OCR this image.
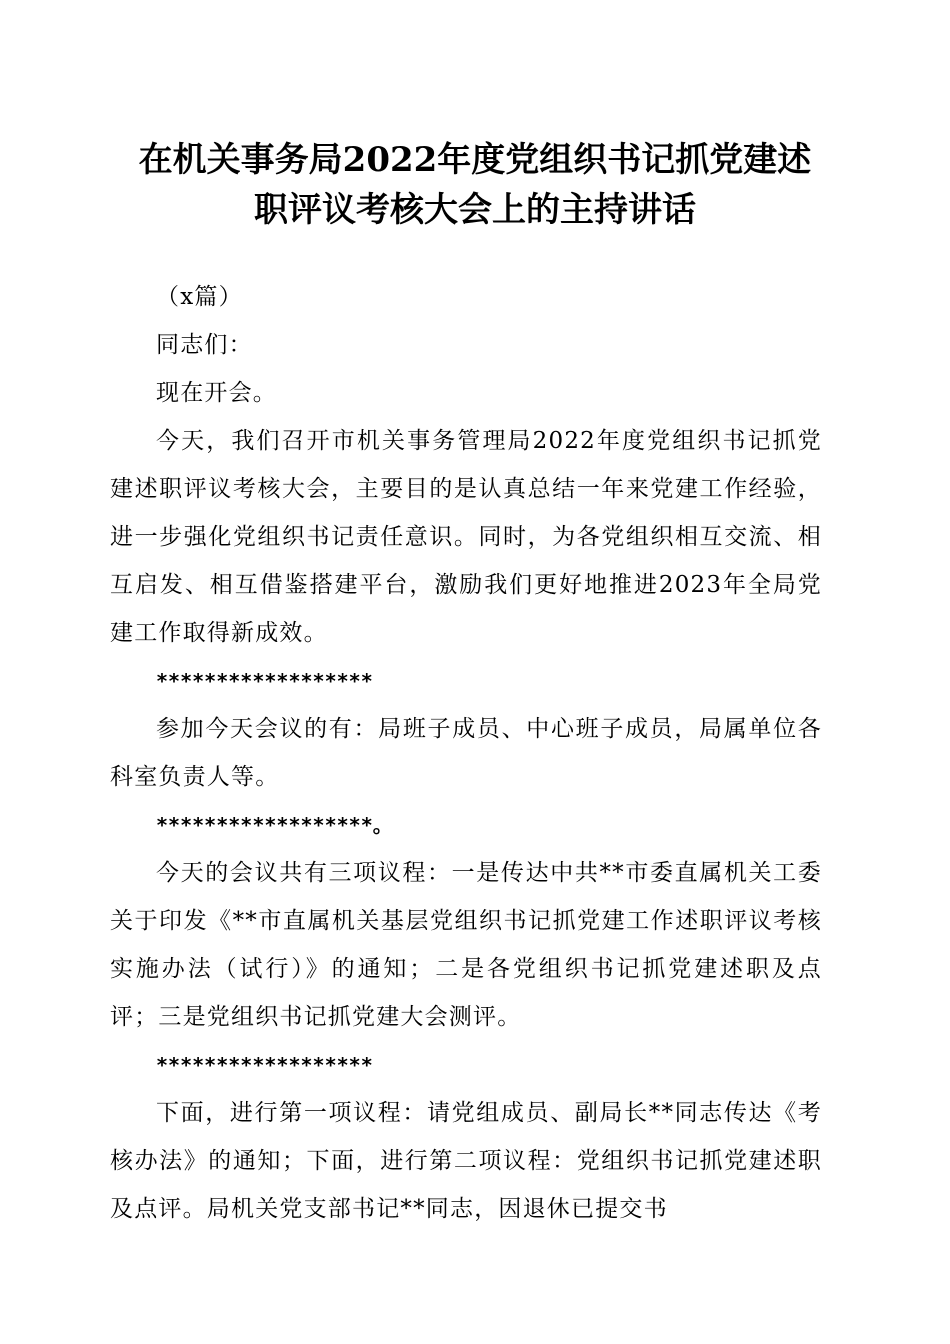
在机关事务局2022年度党组织书记抓党建述
职评议考核大会上的主持讲话

（x篇）

同志们：

现在开会。

今天，我们召开市机关事务管理局2022年度党组织书记抓党建述职评议考核大会，主要目的是认真总结一年来党建工作经验，进一步强化党组织书记责任意识。同时，为各党组织相互交流、相互启发、相互借鉴搭建平台，激励我们更好地推进2023年全局党建工作取得新成效。

******************

参加今天会议的有：局班子成员、中心班子成员，局属单位各科室负责人等。

******************。

今天的会议共有三项议程：一是传达中共**市委直属机关工委关于印发《**市直属机关基层党组织书记抓党建工作述职评议考核实施办法（试行）》的通知；二是各党组织书记抓党建述职及点评；三是党组织书记抓党建大会测评。

******************

下面，进行第一项议程：请党组成员、副局长**同志传达《考核办法》的通知；下面，进行第二项议程：党组织书记抓党建述职及点评。局机关党支部书记**同志，因退休已提交书
